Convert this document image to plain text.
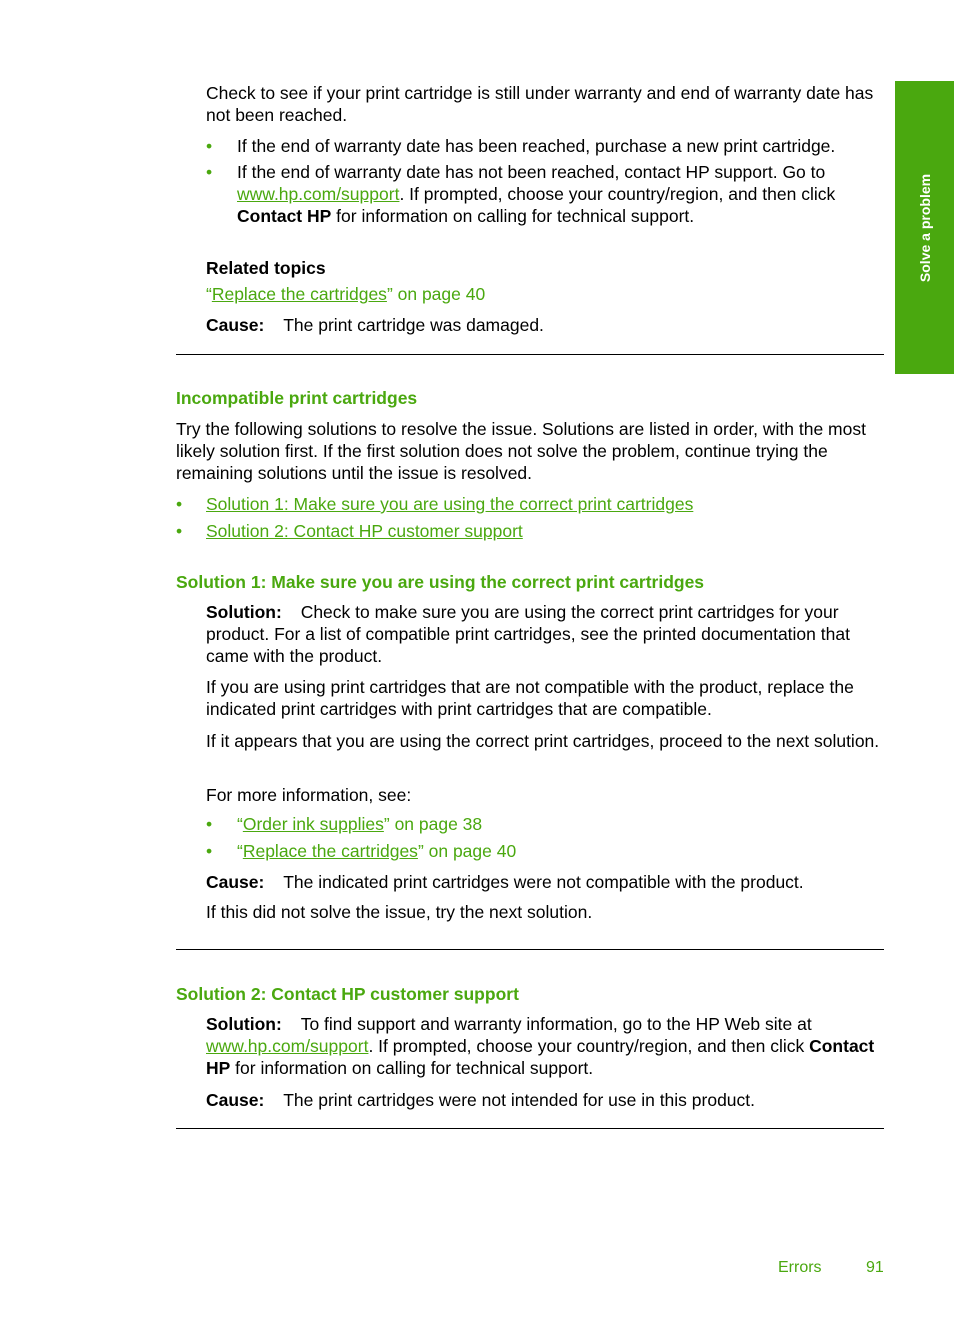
Solve a problem

Check to see if your print cartridge is still under warranty and end of warranty date has not been reached.

• If the end of warranty date has been reached, purchase a new print cartridge.

• If the end of warranty date has not been reached, contact HP support. Go to www.hp.com/support. If prompted, choose your country/region, and then click Contact HP for information on calling for technical support.

Related topics

“Replace the cartridges” on page 40

Cause: The print cartridge was damaged.

Incompatible print cartridges

Try the following solutions to resolve the issue. Solutions are listed in order, with the most likely solution first. If the first solution does not solve the problem, continue trying the remaining solutions until the issue is resolved.

• Solution 1: Make sure you are using the correct print cartridges

• Solution 2: Contact HP customer support

Solution 1: Make sure you are using the correct print cartridges

Solution: Check to make sure you are using the correct print cartridges for your product. For a list of compatible print cartridges, see the printed documentation that came with the product.

If you are using print cartridges that are not compatible with the product, replace the indicated print cartridges with print cartridges that are compatible.

If it appears that you are using the correct print cartridges, proceed to the next solution.

For more information, see:

• “Order ink supplies” on page 38

• “Replace the cartridges” on page 40

Cause: The indicated print cartridges were not compatible with the product.

If this did not solve the issue, try the next solution.

Solution 2: Contact HP customer support

Solution: To find support and warranty information, go to the HP Web site at www.hp.com/support. If prompted, choose your country/region, and then click Contact HP for information on calling for technical support.

Cause: The print cartridges were not intended for use in this product.

Errors	91
